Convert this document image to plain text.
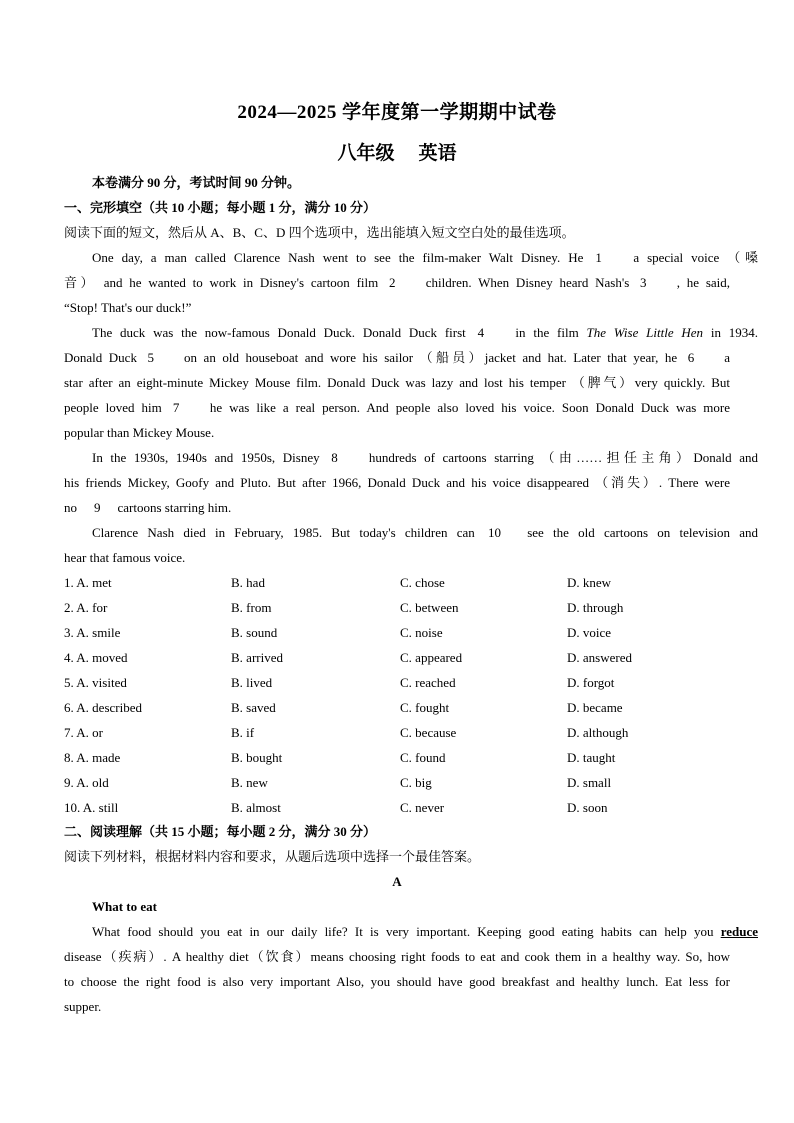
2024—2025 学年度第一学期期中试卷
八年级 英语
本卷满分 90 分，考试时间 90 分钟。
一、完形填空（共 10 小题；每小题 1 分，满分 10 分）
阅读下面的短文，然后从 A、B、C、D 四个选项中，选出能填入短文空白处的最佳选项。
One day, a man called Clarence Nash went to see the film-maker Walt Disney. He 1 a special voice （嗓
音） and he wanted to work in Disney's cartoon film 2 children. When Disney heard Nash's 3 , he said,
“Stop! That's our duck!”
The duck was the now-famous Donald Duck. Donald Duck first 4 in the film The Wise Little Hen in 1934.
Donald Duck 5 on an old houseboat and wore his sailor （船员）jacket and hat. Later that year, he 6 a
star after an eight-minute Mickey Mouse film. Donald Duck was lazy and lost his temper （脾气）very quickly. But
people loved him 7 he was like a real person. And people also loved his voice. Soon Donald Duck was more
popular than Mickey Mouse.
In the 1930s, 1940s and 1950s, Disney 8 hundreds of cartoons starring （由……担任主角）Donald and
his friends Mickey, Goofy and Pluto. But after 1966, Donald Duck and his voice disappeared （消失）. There were
no 9 cartoons starring him.
Clarence Nash died in February, 1985. But today's children can 10 see the old cartoons on television and
hear that famous voice.
1. A. met	B. had	C. chose	D. knew
2. A. for	B. from	C. between	D. through
3. A. smile	B. sound	C. noise	D. voice
4. A. moved	B. arrived	C. appeared	D. answered
5. A. visited	B. lived	C. reached	D. forgot
6. A. described	B. saved	C. fought	D. became
7. A. or	B. if	C. because	D. although
8. A. made	B. bought	C. found	D. taught
9. A. old	B. new	C. big	D. small
10. A. still	B. almost	C. never	D. soon
二、阅读理解（共 15 小题；每小题 2 分，满分 30 分）
阅读下列材料，根据材料内容和要求，从题后选项中选择一个最佳答案。
A
What to eat
What food should you eat in our daily life? It is very important. Keeping good eating habits can help you reduce
disease（疾病）. A healthy diet（饮食）means choosing right foods to eat and cook them in a healthy way. So, how
to choose the right food is also very important Also, you should have good breakfast and healthy lunch. Eat less for
supper.
